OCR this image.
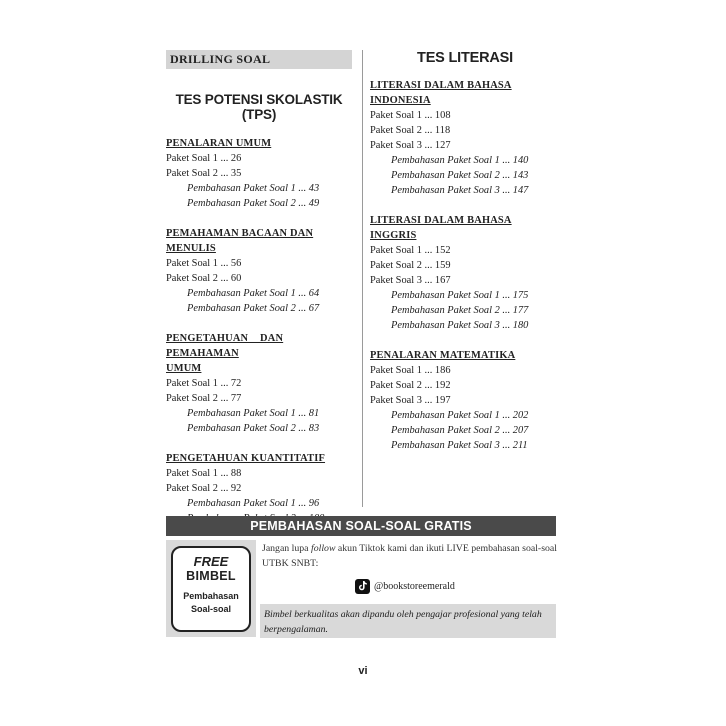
DRILLING SOAL
TES POTENSI SKOLASTIK (TPS)
PENALARAN UMUM
Paket Soal 1 ... 26
Paket Soal 2 ... 35
Pembahasan Paket Soal 1 ... 43
Pembahasan Paket Soal 2 ... 49
PEMAHAMAN BACAAN DAN MENULIS
Paket Soal 1 ... 56
Paket Soal 2 ... 60
Pembahasan Paket Soal 1 ... 64
Pembahasan Paket Soal 2 ... 67
PENGETAHUAN DAN PEMAHAMAN
UMUM
Paket Soal 1 ... 72
Paket Soal 2 ... 77
Pembahasan Paket Soal 1 ... 81
Pembahasan Paket Soal 2 ... 83
PENGETAHUAN KUANTITATIF
Paket Soal 1 ... 88
Paket Soal 2 ... 92
Pembahasan Paket Soal 1 ... 96
TES LITERASI
LITERASI DALAM BAHASA INDONESIA
Paket Soal 1 ... 108
Paket Soal 2 ... 118
Paket Soal 3 ... 127
Pembahasan Paket Soal 1 ... 140
Pembahasan Paket Soal 2 ... 143
Pembahasan Paket Soal 3 ... 147
LITERASI DALAM BAHASA INGGRIS
Paket Soal 1 ... 152
Paket Soal 2 ... 159
Paket Soal 3 ... 167
Pembahasan Paket Soal 1 ... 175
Pembahasan Paket Soal 2 ... 177
Pembahasan Paket Soal 3 ... 180
PENALARAN MATEMATIKA
Paket Soal 1 ... 186
Paket Soal 2 ... 192
Paket Soal 3 ... 197
Pembahasan Paket Soal 1 ... 202
Pembahasan Paket Soal 2 ... 207
Pembahasan Paket Soal 3 ... 211
PEMBAHASAN SOAL-SOAL GRATIS
FREE
BIMBEL
Pembahasan
Soal-soal
Jangan lupa follow akun Tiktok kami dan ikuti LIVE pembahasan soal-soal UTBK SNBT:
@bookstoreemerald
Bimbel berkualitas akan dipandu oleh pengajar profesional yang telah berpengalaman.
vi
